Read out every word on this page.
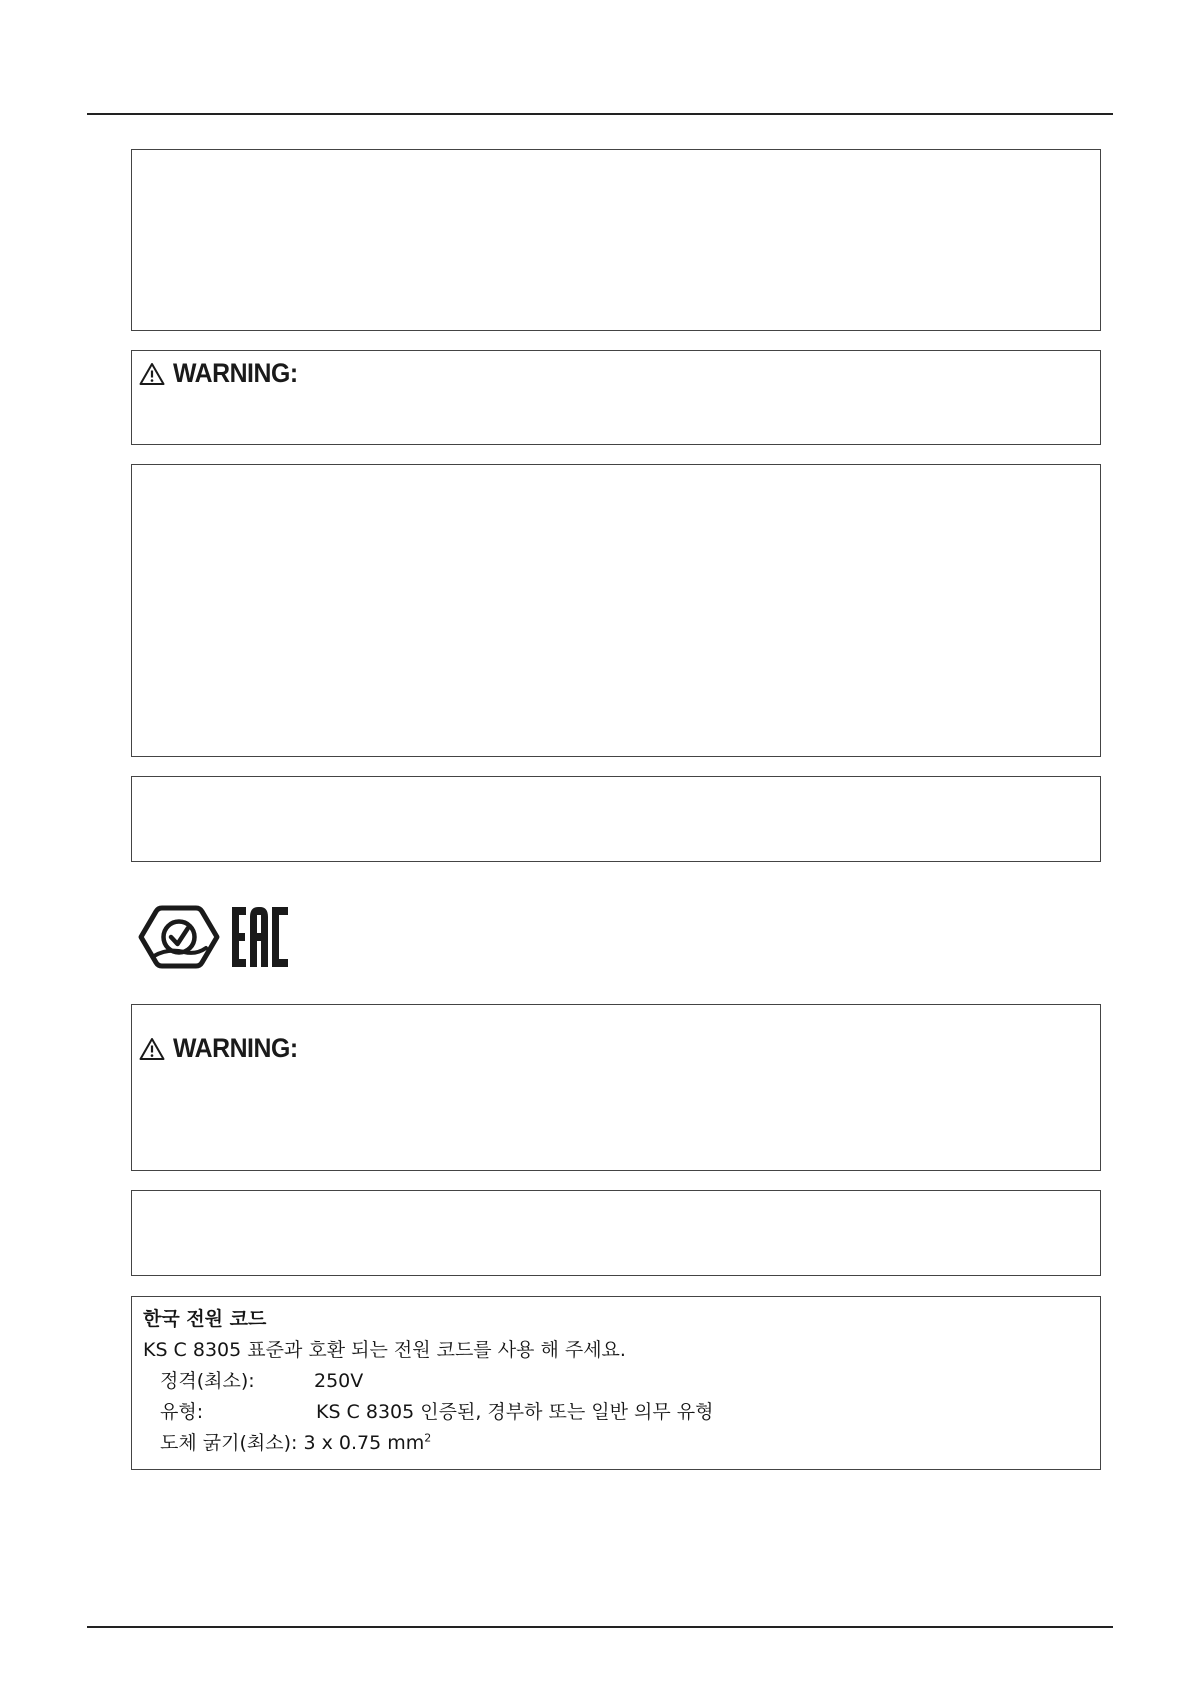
WARNING:
WARNING:
한국 전원 코드
KS C 8305 표준과 호환 되는 전원 코드를 사용 해 주세요.
정격(최소):	250V
유형:	KS C 8305 인증된, 경부하 또는 일반 의무 유형
도체 굵기(최소): 3 x 0.75 $mm^2$
